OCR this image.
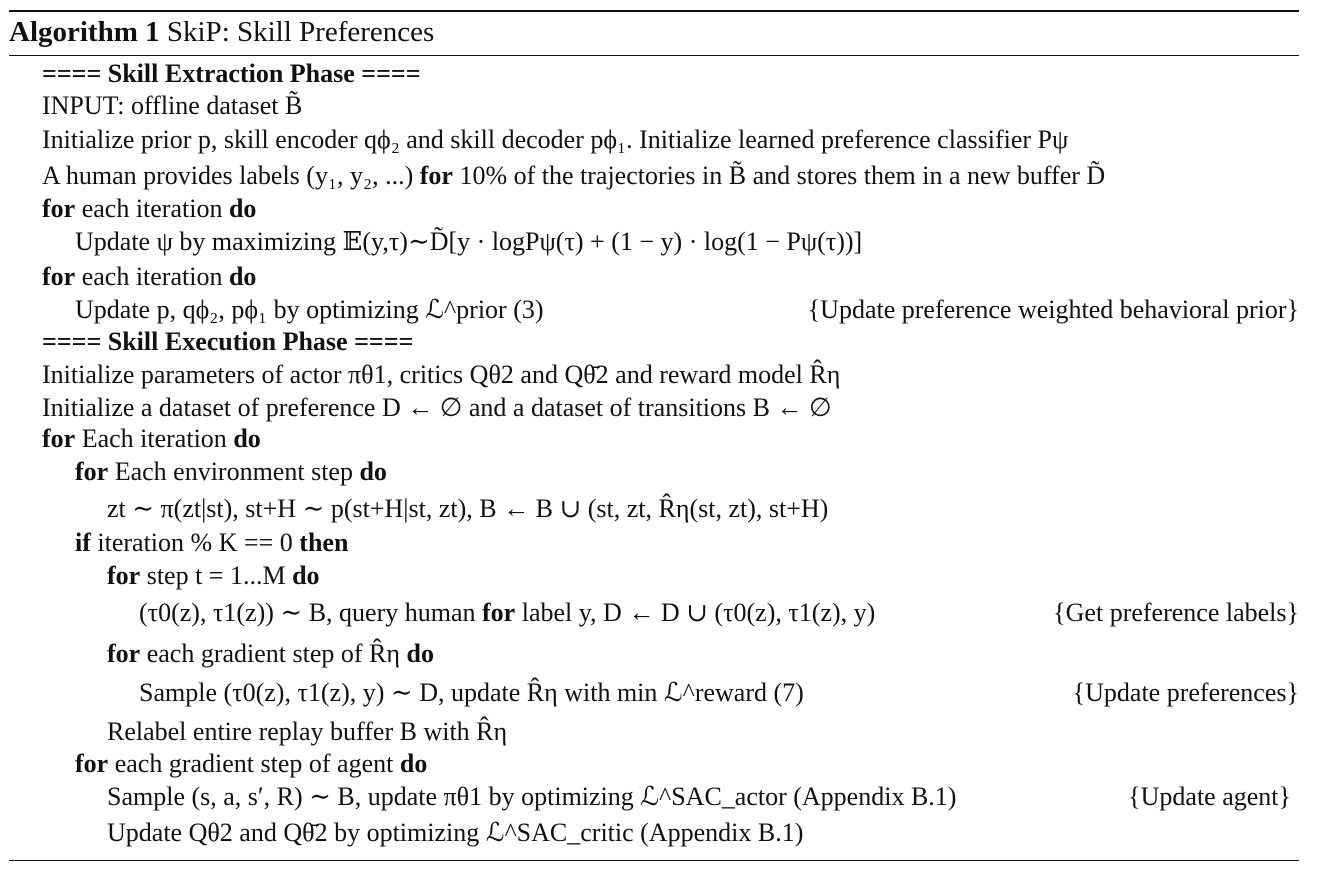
Algorithm 1 SkiP: Skill Preferences
==== Skill Extraction Phase ====
INPUT: offline dataset B̃
Initialize prior p, skill encoder qϕ₂ and skill decoder pϕ₁. Initialize learned preference classifier Pψ
A human provides labels (y₁, y₂, ...) for 10% of the trajectories in B̃ and stores them in a new buffer D̃
for each iteration do
Update ψ by maximizing 𝔼(y,τ)∼D̃[y · logPψ(τ) + (1 − y) · log(1 − Pψ(τ))]
for each iteration do
Update p, qϕ₂, pϕ₁ by optimizing ℒ^prior (3)	{Update preference weighted behavioral prior}
==== Skill Execution Phase ====
Initialize parameters of actor πθ1, critics Qθ2 and Qθ̄2 and reward model R̂η
Initialize a dataset of preference D ← ∅ and a dataset of transitions B ← ∅
for Each iteration do
for Each environment step do
zt ∼ π(zt|st), st+H ∼ p(st+H|st, zt), B ← B ∪ (st, zt, R̂η(st, zt), st+H)
if iteration % K == 0 then
for step t = 1...M do
(τ0(z), τ1(z)) ∼ B, query human for label y, D ← D ∪ (τ0(z), τ1(z), y)	{Get preference labels}
for each gradient step of R̂η do
Sample (τ0(z), τ1(z), y) ∼ D, update R̂η with min ℒ^reward (7)	{Update preferences}
Relabel entire replay buffer B with R̂η
for each gradient step of agent do
Sample (s, a, s′, R) ∼ B, update πθ1 by optimizing ℒ^SAC_actor (Appendix B.1)	{Update agent}
Update Qθ2 and Qθ̄2 by optimizing ℒ^SAC_critic (Appendix B.1)
